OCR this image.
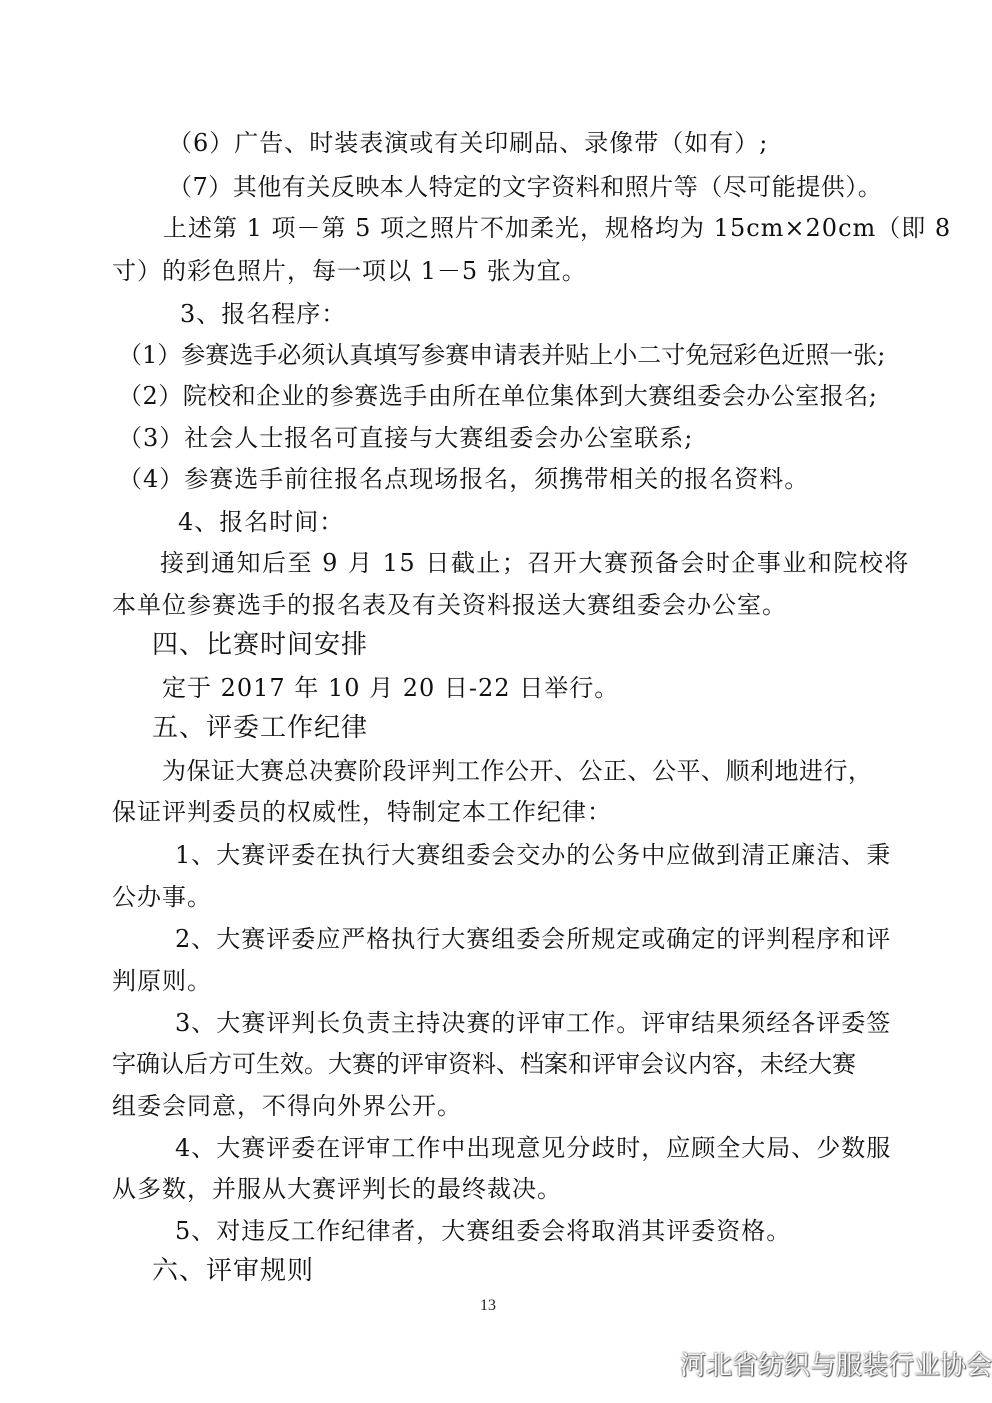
（6）广告、时装表演或有关印刷品、录像带（如有）;
（7）其他有关反映本人特定的文字资料和照片等（尽可能提供）。
上述第 1 项－第 5 项之照片不加柔光，规格均为 15cm×20cm（即 8
寸）的彩色照片，每一项以 1－5 张为宜。
3、报名程序：
（1）参赛选手必须认真填写参赛申请表并贴上小二寸免冠彩色近照一张;
（2）院校和企业的参赛选手由所在单位集体到大赛组委会办公室报名;
（3）社会人士报名可直接与大赛组委会办公室联系;
（4）参赛选手前往报名点现场报名，须携带相关的报名资料。
4、报名时间：
接到通知后至 9 月 15 日截止；召开大赛预备会时企事业和院校将
本单位参赛选手的报名表及有关资料报送大赛组委会办公室。
四、比赛时间安排
定于 2017 年 10 月 20 日-22 日举行。
五、评委工作纪律
为保证大赛总决赛阶段评判工作公开、公正、公平、顺利地进行，
保证评判委员的权威性，特制定本工作纪律：
1、大赛评委在执行大赛组委会交办的公务中应做到清正廉洁、秉
公办事。
2、大赛评委应严格执行大赛组委会所规定或确定的评判程序和评
判原则。
3、大赛评判长负责主持决赛的评审工作。评审结果须经各评委签
字确认后方可生效。大赛的评审资料、档案和评审会议内容，未经大赛
组委会同意，不得向外界公开。
4、大赛评委在评审工作中出现意见分歧时，应顾全大局、少数服
从多数，并服从大赛评判长的最终裁决。
5、对违反工作纪律者，大赛组委会将取消其评委资格。
六、评审规则
13
河北省纺织与服装行业协会
